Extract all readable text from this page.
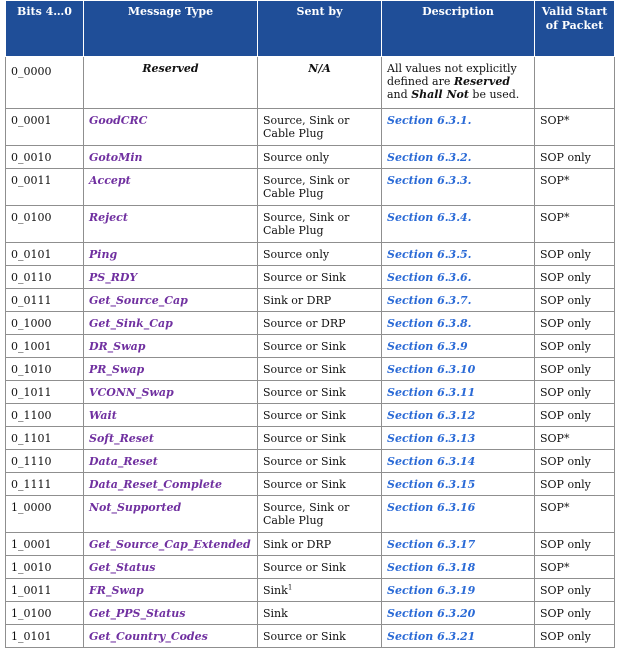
Bits 4…0	Message Type	Sent by	Description	Valid Start of Packet
0_0000	Reserved	N/A	All values not explicitly defined are Reserved and Shall Not be used.	
0_0001	GoodCRC	Source, Sink or Cable Plug	Section 6.3.1.	SOP*
0_0010	GotoMin	Source only	Section 6.3.2.	SOP only
0_0011	Accept	Source, Sink or Cable Plug	Section 6.3.3.	SOP*
0_0100	Reject	Source, Sink or Cable Plug	Section 6.3.4.	SOP*
0_0101	Ping	Source only	Section 6.3.5.	SOP only
0_0110	PS_RDY	Source or Sink	Section 6.3.6.	SOP only
0_0111	Get_Source_Cap	Sink or DRP	Section 6.3.7.	SOP only
0_1000	Get_Sink_Cap	Source or DRP	Section 6.3.8.	SOP only
0_1001	DR_Swap	Source or Sink	Section 6.3.9	SOP only
0_1010	PR_Swap	Source or Sink	Section 6.3.10	SOP only
0_1011	VCONN_Swap	Source or Sink	Section 6.3.11	SOP only
0_1100	Wait	Source or Sink	Section 6.3.12	SOP only
0_1101	Soft_Reset	Source or Sink	Section 6.3.13	SOP*
0_1110	Data_Reset	Source or Sink	Section 6.3.14	SOP only
0_1111	Data_Reset_Complete	Source or Sink	Section 6.3.15	SOP only
1_0000	Not_Supported	Source, Sink or Cable Plug	Section 6.3.16	SOP*
1_0001	Get_Source_Cap_Extended	Sink or DRP	Section 6.3.17	SOP only
1_0010	Get_Status	Source or Sink	Section 6.3.18	SOP*
1_0011	FR_Swap	Sink$^1$	Section 6.3.19	SOP only
1_0100	Get_PPS_Status	Sink	Section 6.3.20	SOP only
1_0101	Get_Country_Codes	Source or Sink	Section 6.3.21	SOP only
